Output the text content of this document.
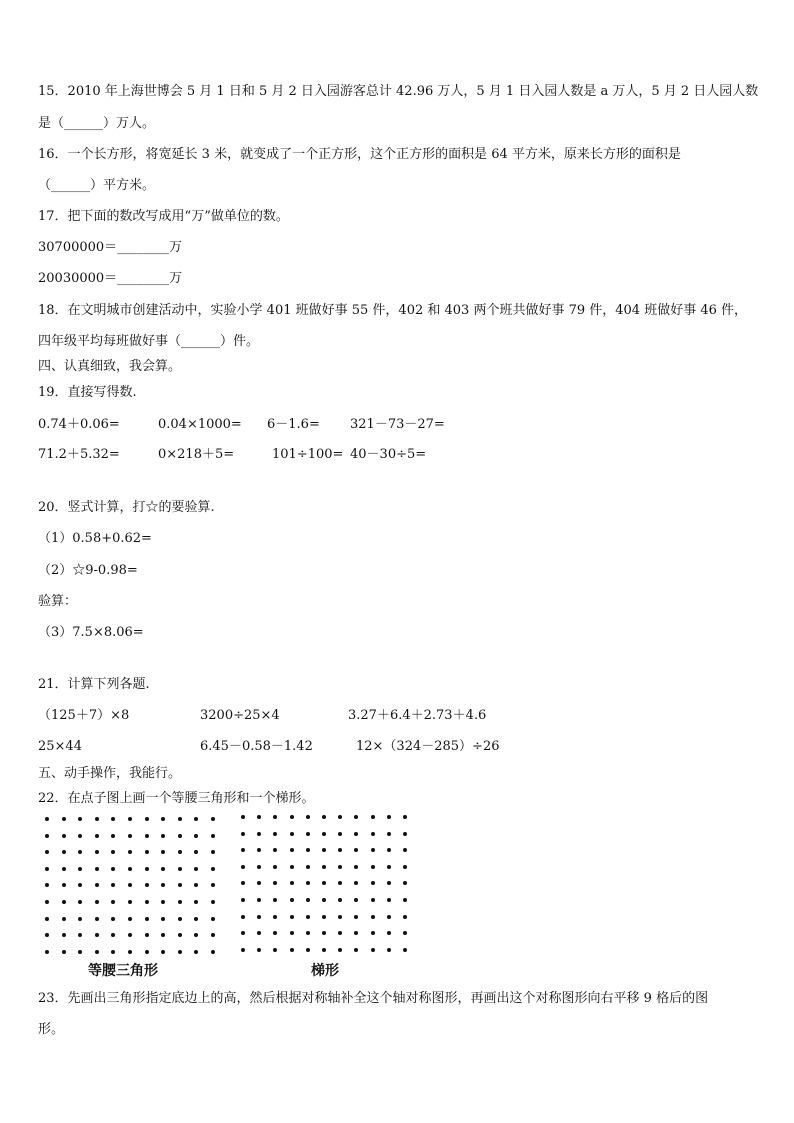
15．2010 年上海世博会 5 月 1 日和 5 月 2 日入园游客总计 42.96 万人，5 月 1 日入园人数是 a 万人，5 月 2 日人园人数
是（______）万人。
16．一个长方形，将宽延长 3 米，就变成了一个正方形，这个正方形的面积是 64 平方米，原来长方形的面积是
（______）平方米。
17．把下面的数改写成用“万”做单位的数。
30700000＝________万
20030000＝________万
18．在文明城市创建活动中，实验小学 401 班做好事 55 件，402 和 403 两个班共做好事 79 件，404 班做好事 46 件，
四年级平均每班做好事（______）件。
四、认真细致，我会算。
19．直接写得数.
0.74＋0.06=	0.04×1000= 6－1.6= 321－73－27=
71.2＋5.32=	0×218＋5=	101÷100= 40－30÷5=
20．竖式计算，打☆的要验算.
（1）0.58+0.62=
（2）☆9-0.98=
验算：
（3）7.5×8.06=
21．计算下列各题.
（125＋7）×8	3200÷25×4	3.27＋6.4＋2.73＋4.6
25×44	6.45－0.58－1.42	12×（324－285）÷26
五、动手操作，我能行。
22．在点子图上画一个等腰三角形和一个梯形。
等腰三角形	梯形
23．先画出三角形指定底边上的高，然后根据对称轴补全这个轴对称图形，再画出这个对称图形向右平移 9 格后的图
形。
